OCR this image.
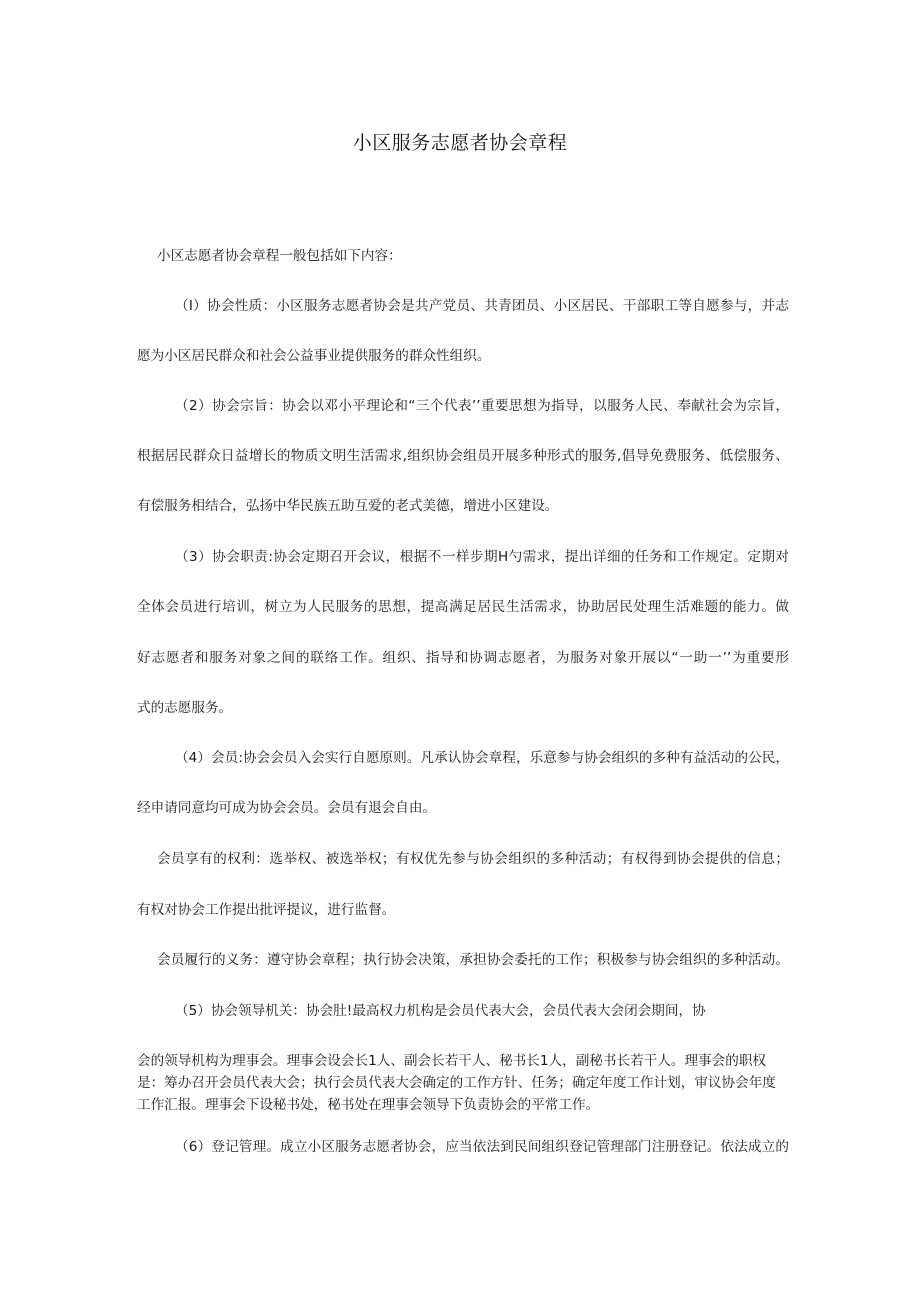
小区服务志愿者协会章程
小区志愿者协会章程一般包括如下内容：
（I）协会性质：小区服务志愿者协会是共产党员、共青团员、小区居民、干部职工等自愿参与，并志
愿为小区居民群众和社会公益事业提供服务的群众性组织。
（2）协会宗旨：协会以邓小平理论和“三个代表’’重要思想为指导，以服务人民、奉献社会为宗旨，
根据居民群众日益增长的物质文明生活需求,组织协会组员开展多种形式的服务,倡导免费服务、低偿服务、
有偿服务相结合，弘扬中华民族五助互爱的老式美德，增进小区建设。
（3）协会职责:协会定期召开会议，根据不一样步期H勺需求，提出详细的任务和工作规定。定期对
全体会员进行培训，树立为人民服务的思想，提高满足居民生活需求，协助居民处理生活难题的能力。做
好志愿者和服务对象之间的联络工作。组织、指导和协调志愿者，为服务对象开展以“一助一’’为重要形
式的志愿服务。
（4）会员:协会会员入会实行自愿原则。凡承认协会章程，乐意参与协会组织的多种有益活动的公民，
经申请同意均可成为协会会员。会员有退会自由。
会员享有的权利：选举权、被选举权；有权优先参与协会组织的多种活动；有权得到协会提供的信息；
有权对协会工作提出批评提议，进行监督。
会员履行的义务：遵守协会章程；执行协会决策，承担协会委托的工作；积极参与协会组织的多种活动。
（5）协会领导机关：协会肚!最高权力机构是会员代表大会，会员代表大会闭会期间，协
会的领导机构为理事会。理事会设会长1人、副会长若干人、秘书长1人，副秘书长若干人。理事会的职权是：筹办召开会员代表大会；执行会员代表大会确定的工作方针、任务；确定年度工作计划，审议协会年度工作汇报。理事会下设秘书处，秘书处在理事会领导下负责协会的平常工作。
（6）登记管理。成立小区服务志愿者协会，应当依法到民间组织登记管理部门注册登记。依法成立的
